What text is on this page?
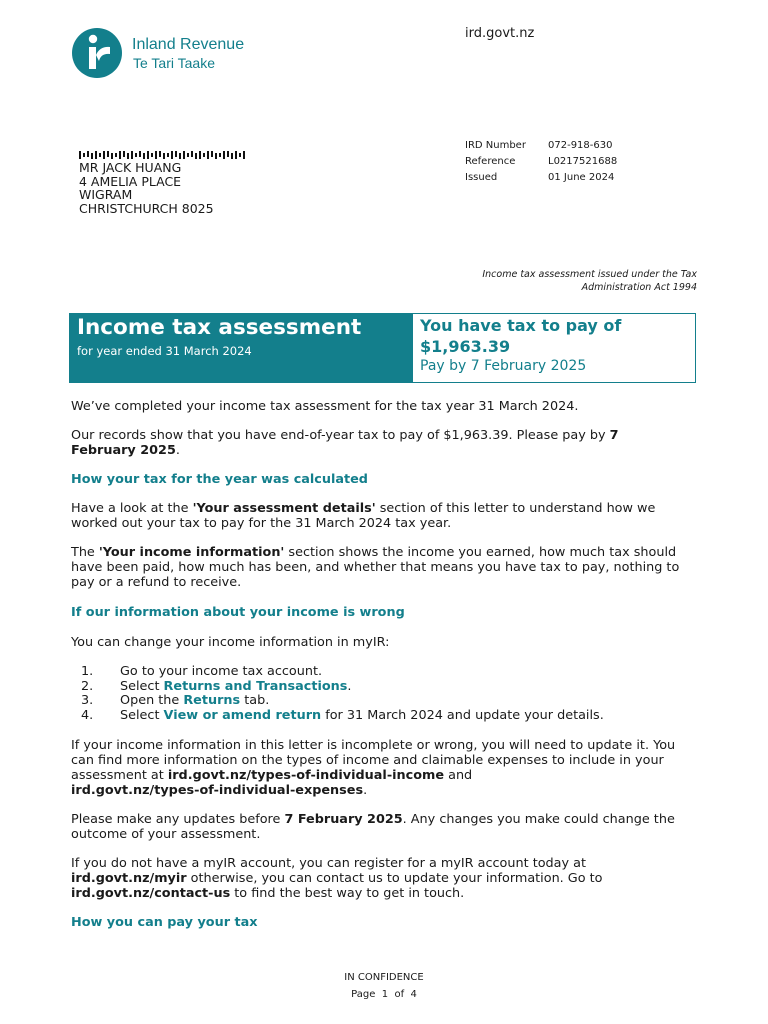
Inland Revenue
Te Tari Taake
ird.govt.nz
MR JACK HUANG
4 AMELIA PLACE
WIGRAM
CHRISTCHURCH 8025
IRD Number	072-918-630
Reference	L0217521688
Issued	01 June 2024
Income tax assessment issued under the Tax
Administration Act 1994
Income tax assessment
for year ended 31 March 2024
You have tax to pay of
$1,963.39
Pay by 7 February 2025
We’ve completed your income tax assessment for the tax year 31 March 2024.
Our records show that you have end-of-year tax to pay of $1,963.39. Please pay by 7
February 2025.
How your tax for the year was calculated
Have a look at the 'Your assessment details' section of this letter to understand how we
worked out your tax to pay for the 31 March 2024 tax year.
The 'Your income information' section shows the income you earned, how much tax should
have been paid, how much has been, and whether that means you have tax to pay, nothing to
pay or a refund to receive.
If our information about your income is wrong
You can change your income information in myIR:
1.	Go to your income tax account.
2.	Select Returns and Transactions.
3.	Open the Returns tab.
4.	Select View or amend return for 31 March 2024 and update your details.
If your income information in this letter is incomplete or wrong, you will need to update it. You
can find more information on the types of income and claimable expenses to include in your
assessment at ird.govt.nz/types-of-individual-income and
ird.govt.nz/types-of-individual-expenses.
Please make any updates before 7 February 2025. Any changes you make could change the
outcome of your assessment.
If you do not have a myIR account, you can register for a myIR account today at
ird.govt.nz/myir otherwise, you can contact us to update your information. Go to
ird.govt.nz/contact-us to find the best way to get in touch.
How you can pay your tax
IN CONFIDENCE
Page 1 of 4
